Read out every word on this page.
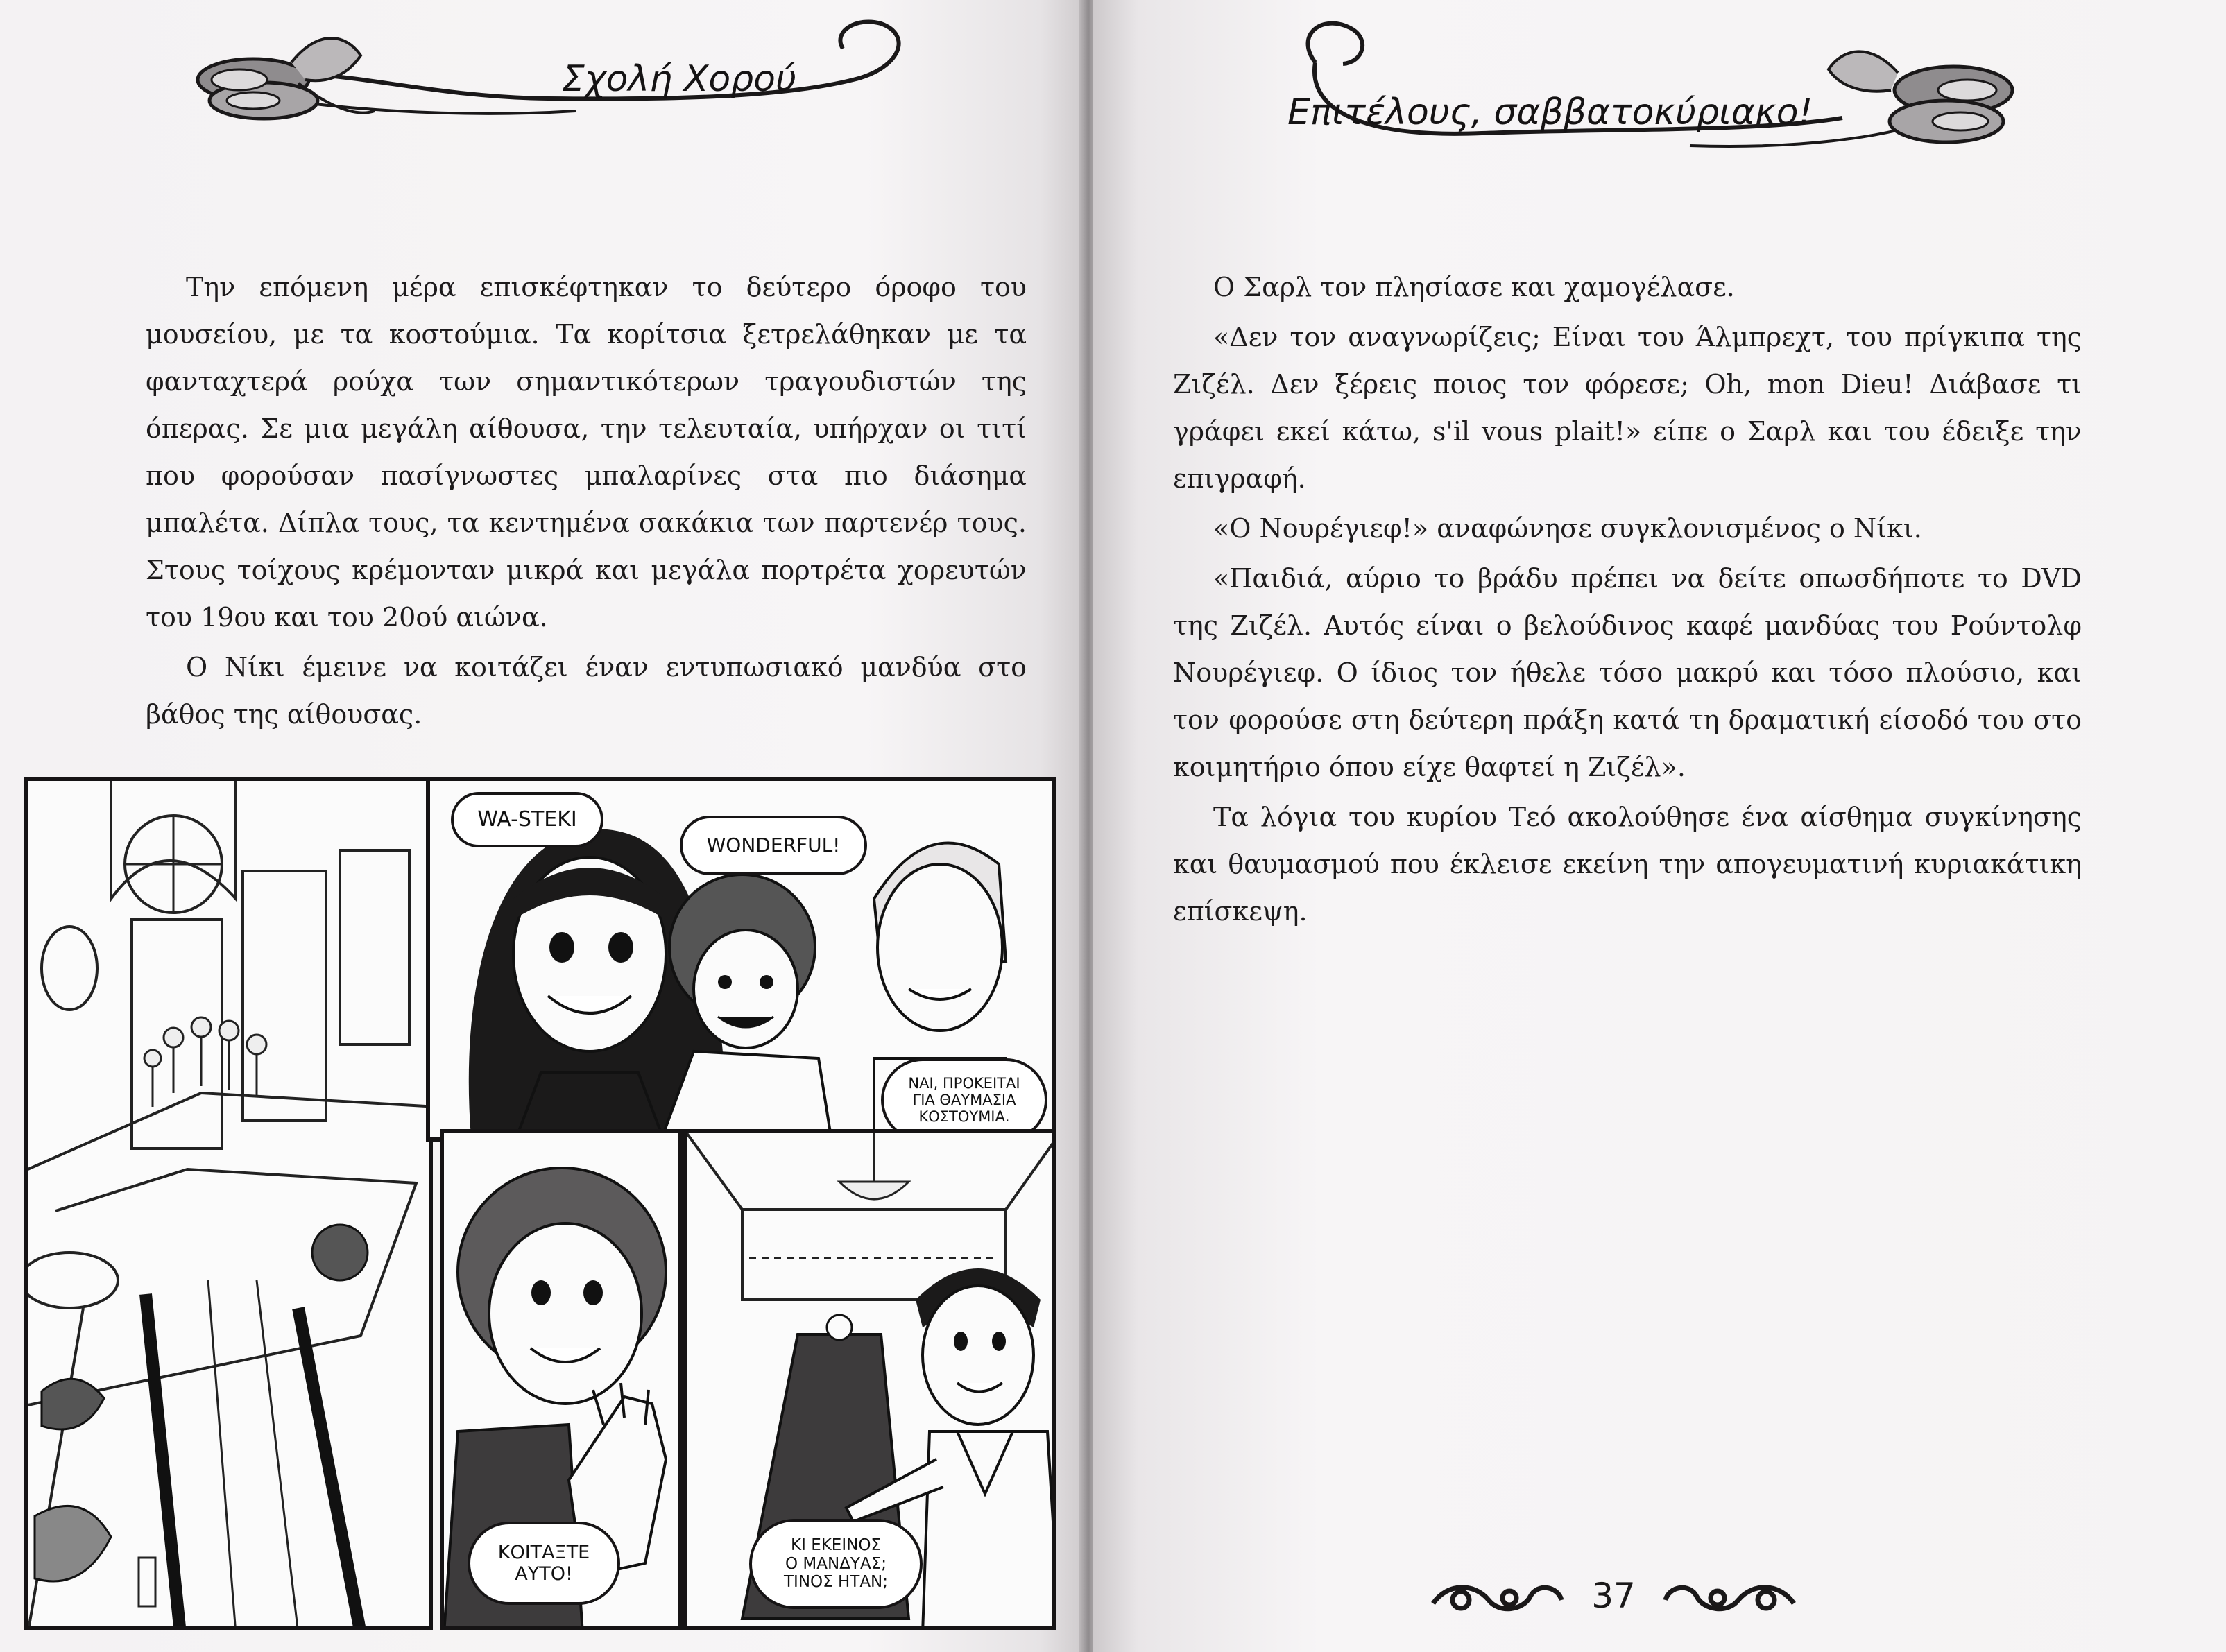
Σχολή Χορού

Την επόμενη μέρα επισκέφτηκαν το δεύτερο όροφο του μουσείου, με τα κοστούμια. Τα κορίτσια ξετρελάθηκαν με τα φανταχτερά ρούχα των σημαντικότερων τραγουδιστών της όπερας. Σε μια μεγάλη αίθουσα, την τελευταία, υπήρχαν οι τιτί που φορούσαν πασίγνωστες μπαλαρίνες στα πιο διάσημα μπαλέτα. Δίπλα τους, τα κεντημένα σακάκια των παρτενέρ τους. Στους τοίχους κρέμονταν μικρά και μεγάλα πορτρέτα χορευτών του 19ου και του 20ού αιώνα.

Ο Νίκι έμεινε να κοιτάζει έναν εντυπωσιακό μανδύα στο βάθος της αίθουσας.

WA-STEKI
WONDERFUL!
ΝΑΙ, ΠΡΟΚΕΙΤΑΙ
ΓΙΑ ΘΑΥΜΑΣΙΑ
ΚΟΣΤΟΥΜΙΑ.
ΚΟΙΤΑΞΤΕ
ΑΥΤΟ!
ΚΙ ΕΚΕΙΝΟΣ
Ο ΜΑΝΔΥΑΣ;
ΤΙΝΟΣ ΗΤΑΝ;
Επιτέλους, σαββατοκύριακο!

Ο Σαρλ τον πλησίασε και χαμογέλασε.

«Δεν τον αναγνωρίζεις; Είναι του Άλμπρεχτ, του πρίγκιπα της Ζιζέλ. Δεν ξέρεις ποιος τον φόρεσε; Oh, mon Dieu! Διάβασε τι γράφει εκεί κάτω, s'il vous plait!» είπε ο Σαρλ και του έδειξε την επιγραφή.

«Ο Νουρέγιεφ!» αναφώνησε συγκλονισμένος ο Νίκι.

«Παιδιά, αύριο το βράδυ πρέπει να δείτε οπωσδήποτε το DVD της Ζιζέλ. Αυτός είναι ο βελούδινος καφέ μανδύας του Ρούντολφ Νουρέγιεφ. Ο ίδιος τον ήθελε τόσο μακρύ και τόσο πλούσιο, και τον φορούσε στη δεύτερη πράξη κατά τη δραματική είσοδό του στο κοιμητήριο όπου είχε θαφτεί η Ζιζέλ».

Τα λόγια του κυρίου Τεό ακολούθησε ένα αίσθημα συγκίνησης και θαυμασμού που έκλεισε εκείνη την απογευματινή κυριακάτικη επίσκεψη.

37
